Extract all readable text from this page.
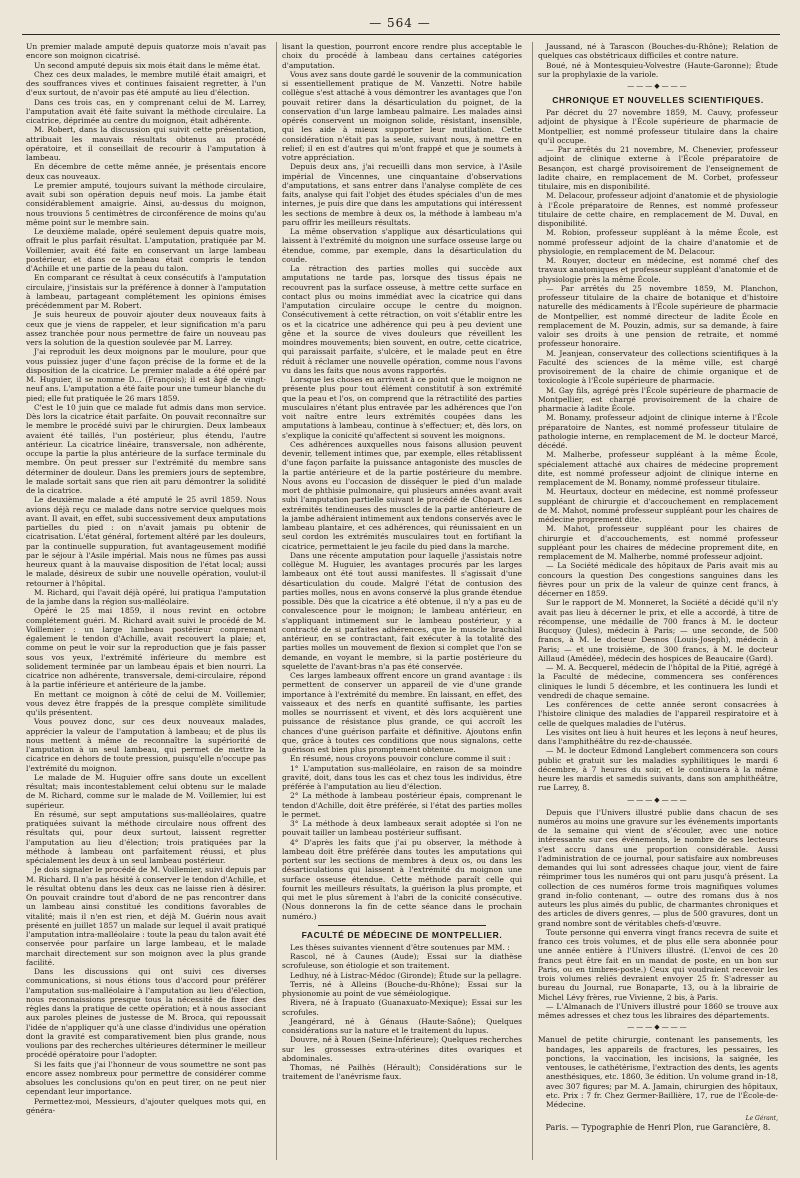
— 564 —

Un premier malade amputé depuis quatorze mois n'avait pas encore son moignon cicatrisé.

Un second amputé depuis six mois était dans le même état.

Chez ces deux malades, le membre mutilé était amaigri, et des souffrances vives et continues faisaient regretter, à l'un d'eux surtout, de n'avoir pas été amputé au lieu d'élection.

Dans ces trois cas, en y comprenant celui de M. Larrey, l'amputation avait été faite suivant la méthode circulaire. La cicatrice, déprimée au centre du moignon, était adhérente.

M. Robert, dans la discussion qui suivit cette présentation, attribuait les mauvais résultats obtenus au procédé opératoire, et il conseillait de recourir à l'amputation à lambeau.

En décembre de cette même année, je présentais encore deux cas nouveaux.

Le premier amputé, toujours suivant la méthode circulaire, avait subi son opération depuis neuf mois. La jambe était considérablement amaigrie. Ainsi, au-dessus du moignon, nous trouvions 5 centimètres de circonférence de moins qu'au même point sur le membre sain.

Le deuxième malade, opéré seulement depuis quatre mois, offrait le plus parfait résultat. L'amputation, pratiquée par M. Voillemier, avait été faite en conservant un large lambeau postérieur, et dans ce lambeau était compris le tendon d'Achille et une partie de la peau du talon.

En comparant ce résultat à ceux consécutifs à l'amputation circulaire, j'insistais sur la préférence à donner à l'amputation à lambeau, partageant complétement les opinions émises précédemment par M. Robert.

Je suis heureux de pouvoir ajouter deux nouveaux faits à ceux que je viens de rappeler, et leur signification m'a paru assez tranchée pour nous permettre de faire un nouveau pas vers la solution de la question soulevée par M. Larrey.

J'ai reproduit les deux moignons par le moulure, pour que vous puissiez juger d'une façon précise de la forme et de la disposition de la cicatrice. Le premier malade a été opéré par M. Huguier, il se nomme D... (François); il est âgé de vingt-neuf ans. L'amputation a été faite pour une tumeur blanche du pied; elle fut pratiquée le 26 mars 1859.

C'est le 10 juin que ce malade fut admis dans mon service. Dès lors la cicatrice était parfaite. On pouvait reconnaître sur le membre le procédé suivi par le chirurgien. Deux lambeaux avaient été taillés, l'un postérieur, plus étendu, l'autre antérieur. La cicatrice linéaire, transversale, non adhérente, occupe la partie la plus antérieure de la surface terminale du membre. On peut presser sur l'extrémité du membre sans déterminer de douleur. Dans les premiers jours de septembre, le malade sortait sans que rien ait paru démontrer la solidité de la cicatrice.

Le deuxième malade a été amputé le 25 avril 1859. Nous avions déjà reçu ce malade dans notre service quelques mois avant. Il avait, en effet, subi successivement deux amputations partielles du pied : on n'avait jamais pu obtenir de cicatrisation. L'état général, fortement altéré par les douleurs, par la continuelle suppuration, fut avantageusement modifié par le séjour à l'Asile impérial. Mais nous ne fûmes pas aussi heureux quant à la mauvaise disposition de l'état local; aussi le malade, désireux de subir une nouvelle opération, voulut-il retourner à l'hôpital.

M. Richard, qui l'avait déjà opéré, lui pratiqua l'amputation de la jambe dans la région sus-malléolaire.

Opéré le 25 mai 1859, il nous revint en octobre complétement guéri. M. Richard avait suivi le procédé de M. Voillemier : un large lambeau postérieur comprenant également le tendon d'Achille, avait recouvert la plaie; et, comme on peut le voir sur la reproduction que je fais passer sous vos yeux, l'extrémité inférieure du membre est solidement terminée par un lambeau épais et bien nourri. La cicatrice non adhérente, transversale, demi-circulaire, répond à la partie inférieure et antérieure de la jambe.

En mettant ce moignon à côté de celui de M. Voillemier, vous devez être frappés de la presque complète similitude qu'ils présentent.

Vous pouvez donc, sur ces deux nouveaux malades, apprécier la valeur de l'amputation à lambeau; et de plus ils nous mettent à même de reconnaître la supériorité de l'amputation à un seul lambeau, qui permet de mettre la cicatrice en dehors de toute pression, puisqu'elle n'occupe pas l'extrémité du moignon.

Le malade de M. Huguier offre sans doute un excellent résultat; mais incontestablement celui obtenu sur le malade de M. Richard, comme sur le malade de M. Voillemier, lui est supérieur.

En résumé, sur sept amputations sus-malléolaires, quatre pratiquées suivant la méthode circulaire nous offrent des résultats qui, pour deux surtout, laissent regretter l'amputation au lieu d'élection; trois pratiquées par la méthode à lambeau ont parfaitement réussi, et plus spécialement les deux à un seul lambeau postérieur.

Je dois signaler le procédé de M. Voillemier, suivi depuis par M. Richard. Il n'a pas hésité à conserver le tendon d'Achille, et le résultat obtenu dans les deux cas ne laisse rien à désirer. On pouvait craindre tout d'abord de ne pas rencontrer dans un lambeau ainsi constitué les conditions favorables de vitalité; mais il n'en est rien, et déjà M. Guérin nous avait présenté en juillet 1857 un malade sur lequel il avait pratiqué l'amputation intra-malléolaire : toute la peau du talon avait été conservée pour parfaire un large lambeau, et le malade marchait directement sur son moignon avec la plus grande facilité.

Dans les discussions qui ont suivi ces diverses communications, si nous étions tous d'accord pour préférer l'amputation sus-malléolaire à l'amputation au lieu d'élection, nous reconnaissions presque tous la nécessité de fixer des règles dans la pratique de cette opération; et à nous associant aux paroles pleines de justesse de M. Broca, qui repoussait l'idée de n'appliquer qu'à une classe d'individus une opération dont la gravité est comparativement bien plus grande, nous voulions par des recherches ultérieures déterminer le meilleur procédé opératoire pour l'adopter.

Si les faits que j'ai l'honneur de vous soumettre ne sont pas encore assez nombreux pour permettre de considérer comme absolues les conclusions qu'on en peut tirer, on ne peut nier cependant leur importance.

Permettez-moi, Messieurs, d'ajouter quelques mots qui, en généra-

lisant la question, pourront encore rendre plus acceptable le choix du procédé à lambeau dans certaines catégories d'amputation.

Vous avez sans doute gardé le souvenir de la communication si essentiellement pratique de M. Vanzetti. Notre habile collègue s'est attaché à vous démontrer les avantages que l'on pouvait retirer dans la désarticulation du poignet, de la conservation d'un large lambeau palmaire. Les malades ainsi opérés conservent un moignon solide, résistant, insensible, qui les aide à mieux supporter leur mutilation. Cette considération n'était pas la seule, suivant nous, à mettre en relief; il en est d'autres qui m'ont frappé et que je soumets à votre appréciation.

Depuis deux ans, j'ai recueilli dans mon service, à l'Asile impérial de Vincennes, une cinquantaine d'observations d'amputations, et sans entrer dans l'analyse complète de ces faits, analyse qui fait l'objet des études spéciales d'un de mes internes, je puis dire que dans les amputations qui intéressent les sections de membre à deux os, la méthode à lambeau m'a paru offrir les meilleurs résultats.

La même observation s'applique aux désarticulations qui laissent à l'extrémité du moignon une surface osseuse large ou étendue, comme, par exemple, dans la désarticulation du coude.

La rétraction des parties molles qui succède aux amputations ne tarde pas, lorsque des tissus épais ne recouvrent pas la surface osseuse, à mettre cette surface en contact plus ou moins immédiat avec la cicatrice qui dans l'amputation circulaire occupe le centre du moignon. Consécutivement à cette rétraction, on voit s'établir entre les os et la cicatrice une adhérence qui peu à peu devient une gêne et la source de vives douleurs que réveillent les moindres mouvements; bien souvent, en outre, cette cicatrice, qui paraissait parfaite, s'ulcère, et le malade peut en être réduit à réclamer une nouvelle opération, comme nous l'avons vu dans les faits que nous avons rapportés.

Lorsque les choses en arrivent à ce point que le moignon ne présente plus pour tout élément constitutif à son extrémité que la peau et l'os, on comprend que la rétractilité des parties musculaires n'étant plus entravée par les adhérences que l'on voit naître entre leurs extrémités coupées dans les amputations à lambeau, continue à s'effectuer; et, dès lors, on s'explique la conicité qu'affectent si souvent les moignons.

Ces adhérences auxquelles nous faisons allusion peuvent devenir, tellement intimes que, par exemple, elles rétablissent d'une façon parfaite la puissance antagoniste des muscles de la partie antérieure et de la partie postérieure du membre. Nous avons eu l'occasion de disséquer le pied d'un malade mort de phthisie pulmonaire, qui plusieurs années avant avait subi l'amputation partielle suivant le procédé de Chopart. Les extrémités tendineuses des muscles de la partie antérieure de la jambe adhéraient intimement aux tendons conservés avec le lambeau plantaire, et ces adhérences, qui réunissaient en un seul cordon les extrémités musculaires tout en fortifiant la cicatrice, permettaient le jeu facile du pied dans la marche.

Dans une récente amputation pour laquelle j'assistais notre collègue M. Huguier, les avantages procurés par les larges lambeaux ont été tout aussi manifestes. Il s'agissait d'une désarticulation du coude. Malgré l'état de contusion des parties molles, nous en avons conservé la plus grande étendue possible. Dès que la cicatrice a été obtenue, il n'y a pas eu de convalescence pour le moignon; le lambeau antérieur, en s'appliquant intimement sur le lambeau postérieur, y a contracté de si parfaites adhérences, que le muscle brachial antérieur, en se contractant, fait exécuter à la totalité des parties molles un mouvement de flexion si complet que l'on se demande, en voyant le membre, si la partie postérieure du squelette de l'avant-bras n'a pas été conservée.

Ces larges lambeaux offrent encore un grand avantage : ils permettent de conserver un appareil de vie d'une grande importance à l'extrémité du membre. En laissant, en effet, des vaisseaux et des nerfs en quantité suffisante, les parties molles se nourrissent et vivent, et dès lors acquièrent une puissance de résistance plus grande, ce qui accroît les chances d'une guérison parfaite et définitive. Ajoutons enfin que, grâce à toutes ces conditions que nous signalons, cette guérison est bien plus promptement obtenue.

En résumé, nous croyons pouvoir conclure comme il suit :

1° L'amputation sus-malléolaire, en raison de sa moindre gravité, doit, dans tous les cas et chez tous les individus, être préférée à l'amputation au lieu d'élection.

2° La méthode à lambeau postérieur épais, comprenant le tendon d'Achille, doit être préférée, si l'état des parties molles le permet.

3° La méthode à deux lambeaux serait adoptée si l'on ne pouvait tailler un lambeau postérieur suffisant.

4° D'après les faits que j'ai pu observer, la méthode à lambeau doit être préférée dans toutes les amputations qui portent sur les sections de membres à deux os, ou dans les désarticulations qui laissent à l'extrémité du moignon une surface osseuse étendue. Cette méthode paraît celle qui fournit les meilleurs résultats, la guérison la plus prompte, et qui met le plus sûrement à l'abri de la conicité consécutive. (Nous donnerons la fin de cette séance dans le prochain numéro.)

FACULTÉ DE MÉDECINE DE MONTPELLIER.

Les thèses suivantes viennent d'être soutenues par MM. :

Rascol, né à Caunes (Aude); Essai sur la diathèse scrofuleuse, son étiologie et son traitement.

Ledhuy, né à Listrac-Médoc (Gironde); Étude sur la pellagre.

Terris, né à Alleins (Bouche-du-Rhône); Essai sur la physionomie au point de vue séméiologique.

Rivera, né à Irapuato (Guanaxuato-Mexique); Essai sur les scrofules.

Jeangérard, né à Génaus (Haute-Saône); Quelques considérations sur la nature et le traitement du lupus.

Douvre, né à Rouen (Seine-Inférieure); Quelques recherches sur les grossesses extra-utérines dites ovariques et abdominales.

Thomas, né Pailhès (Hérault); Considérations sur le traitement de l'anévrisme faux.

Jaussand, né à Tarascon (Bouches-du-Rhône); Relation de quelques cas obstétricaux difficiles et contre nature.

Boué, né à Montesquieu-Volvestre (Haute-Garonne); Étude sur la prophylaxie de la variole.

———◆———
CHRONIQUE ET NOUVELLES SCIENTIFIQUES.

Par décret du 27 novembre 1859, M. Cauvy, professeur adjoint de physique à l'École supérieure de pharmacie de Montpellier, est nommé professeur titulaire dans la chaire qu'il occupe.

— Par arrêtés du 21 novembre, M. Chenevier, professeur adjoint de clinique externe à l'École préparatoire de Besançon, est chargé provisoirement de l'enseignement de ladite chaire, en remplacement de M. Corbet, professeur titulaire, mis en disponibilité.

M. Delacour, professeur adjoint d'anatomie et de physiologie à l'École préparatoire de Rennes, est nommé professeur titulaire de cette chaire, en remplacement de M. Duval, en disponibilité.

M. Robion, professeur suppléant à la même École, est nommé professeur adjoint de la chaire d'anatomie et de physiologie, en remplacement de M. Delacour.

M. Rouyer, docteur en médecine, est nommé chef des travaux anatomiques et professeur suppléant d'anatomie et de physiologie près la même École.

— Par arrêtés du 25 novembre 1859, M. Planchon, professeur titulaire de la chaire de botanique et d'histoire naturelle des médicaments à l'École supérieure de pharmacie de Montpellier, est nommé directeur de ladite École en remplacement de M. Pouzin, admis, sur sa demande, à faire valoir ses droits à une pension de retraite, et nommé professeur honoraire.

M. Jeanjean, conservateur des collections scientifiques à la Faculté des sciences de la même ville, est chargé provisoirement de la chaire de chimie organique et de toxicologie à l'École supérieure de pharmacie.

M. Gay fils, agrégé près l'École supérieure de pharmacie de Montpellier, est chargé provisoirement de la chaire de pharmacie à ladite École.

M. Bonamy, professeur adjoint de clinique interne à l'École préparatoire de Nantes, est nommé professeur titulaire de pathologie interne, en remplacement de M. le docteur Marcé, décédé.

M. Malherbe, professeur suppléant à la même École, spécialement attaché aux chaires de médecine proprement dite, est nommé professeur adjoint de clinique interne en remplacement de M. Bonamy, nommé professeur titulaire.

M. Heurtaux, docteur en médecine, est nommé professeur suppléant de chirurgie et d'accouchement en remplacement de M. Mahot, nommé professeur suppléant pour les chaires de médecine proprement dite.

M. Mahot, professeur suppléant pour les chaires de chirurgie et d'accouchements, est nommé professeur suppléant pour les chaires de médecine proprement dite, en remplacement de M. Malherbe, nommé professeur adjoint.

— La Société médicale des hôpitaux de Paris avait mis au concours la question Des congestions sanguines dans les fièvres pour un prix de la valeur de quinze cent francs, à décerner en 1859.

Sur le rapport de M. Monneret, la Société a décidé qu'il n'y avait pas lieu à décerner le prix, et elle a accordé, à titre de récompense, une médaille de 700 francs à M. le docteur Bucquoy (Jules), médecin à Paris; — une seconde, de 500 francs, à M. le docteur Desnos (Louis-Joseph), médecin à Paris; — et une troisième, de 300 francs, à M. le docteur Aillaud (Amédée), médecin des hospices de Beaucaire (Gard).

— M. A. Becquerel, médecin de l'hôpital de la Pitié, agrégé à la Faculté de médecine, commencera ses conférences cliniques le lundi 5 décembre, et les continuera les lundi et vendredi de chaque semaine.

Les conférences de cette année seront consacrées à l'histoire clinique des maladies de l'appareil respiratoire et à celle de quelques maladies de l'utérus.

Les visites ont lieu à huit heures et les leçons à neuf heures, dans l'amphithéâtre du rez-de-chaussée.

— M. le docteur Edmond Langlebert commencera son cours public et gratuit sur les maladies syphilitiques le mardi 6 décembre, à 7 heures du soir, et le continuera à la même heure les mardis et samedis suivants, dans son amphithéâtre, rue Larrey, 8.

———◆———

Depuis que l'Univers illustré publie dans chacun de ses numéros au moins une gravure sur les événements importants de la semaine qui vient de s'écouler, avec une notice intéressante sur ces événements, le nombre de ses lecteurs s'est accru dans une proportion considérable. Aussi l'administration de ce journal, pour satisfaire aux nombreuses demandes qui lui sont adressées chaque jour, vient de faire réimprimer tous les numéros qui ont paru jusqu'à présent. La collection de ces numéros forme trois magnifiques volumes grand in-folio contenant, — outre des romans dus à nos auteurs les plus aimés du public, de charmantes chroniques et des articles de divers genres, — plus de 500 gravures, dont un grand nombre sont de véritables chefs-d'œuvre.

Toute personne qui enverra vingt francs recevra de suite et franco ces trois volumes, et de plus elle sera abonnée pour une année entière à l'Univers illustré. (L'envoi de ces 20 francs peut être fait en un mandat de poste, en un bon sur Paris, ou en timbres-poste.) Ceux qui voudraient recevoir les trois volumes reliés devraient envoyer 25 fr. S'adresser au bureau du Journal, rue Bonaparte, 13, ou à la librairie de Michel Lévy frères, rue Vivienne, 2 bis, à Paris.

— L'Almanach de l'Univers illustré pour 1860 se trouve aux mêmes adresses et chez tous les libraires des départements.

———◆———

Manuel de petite chirurgie, contenant les pansements, les bandages, les appareils de fractures, les pessaires, les ponctions, la vaccination, les incisions, la saignée, les ventouses, le cathétérisme, l'extraction des dents, les agents anesthésiques, etc. 1860, 3e édition. Un volume grand in-18, avec 307 figures; par M. A. Jamain, chirurgien des hôpitaux, etc. Prix : 7 fr. Chez Germer-Baillière, 17, rue de l'École-de-Médecine.

Le Gérant,
Paris. — Typographie de Henri Plon, rue Garancière, 8.
